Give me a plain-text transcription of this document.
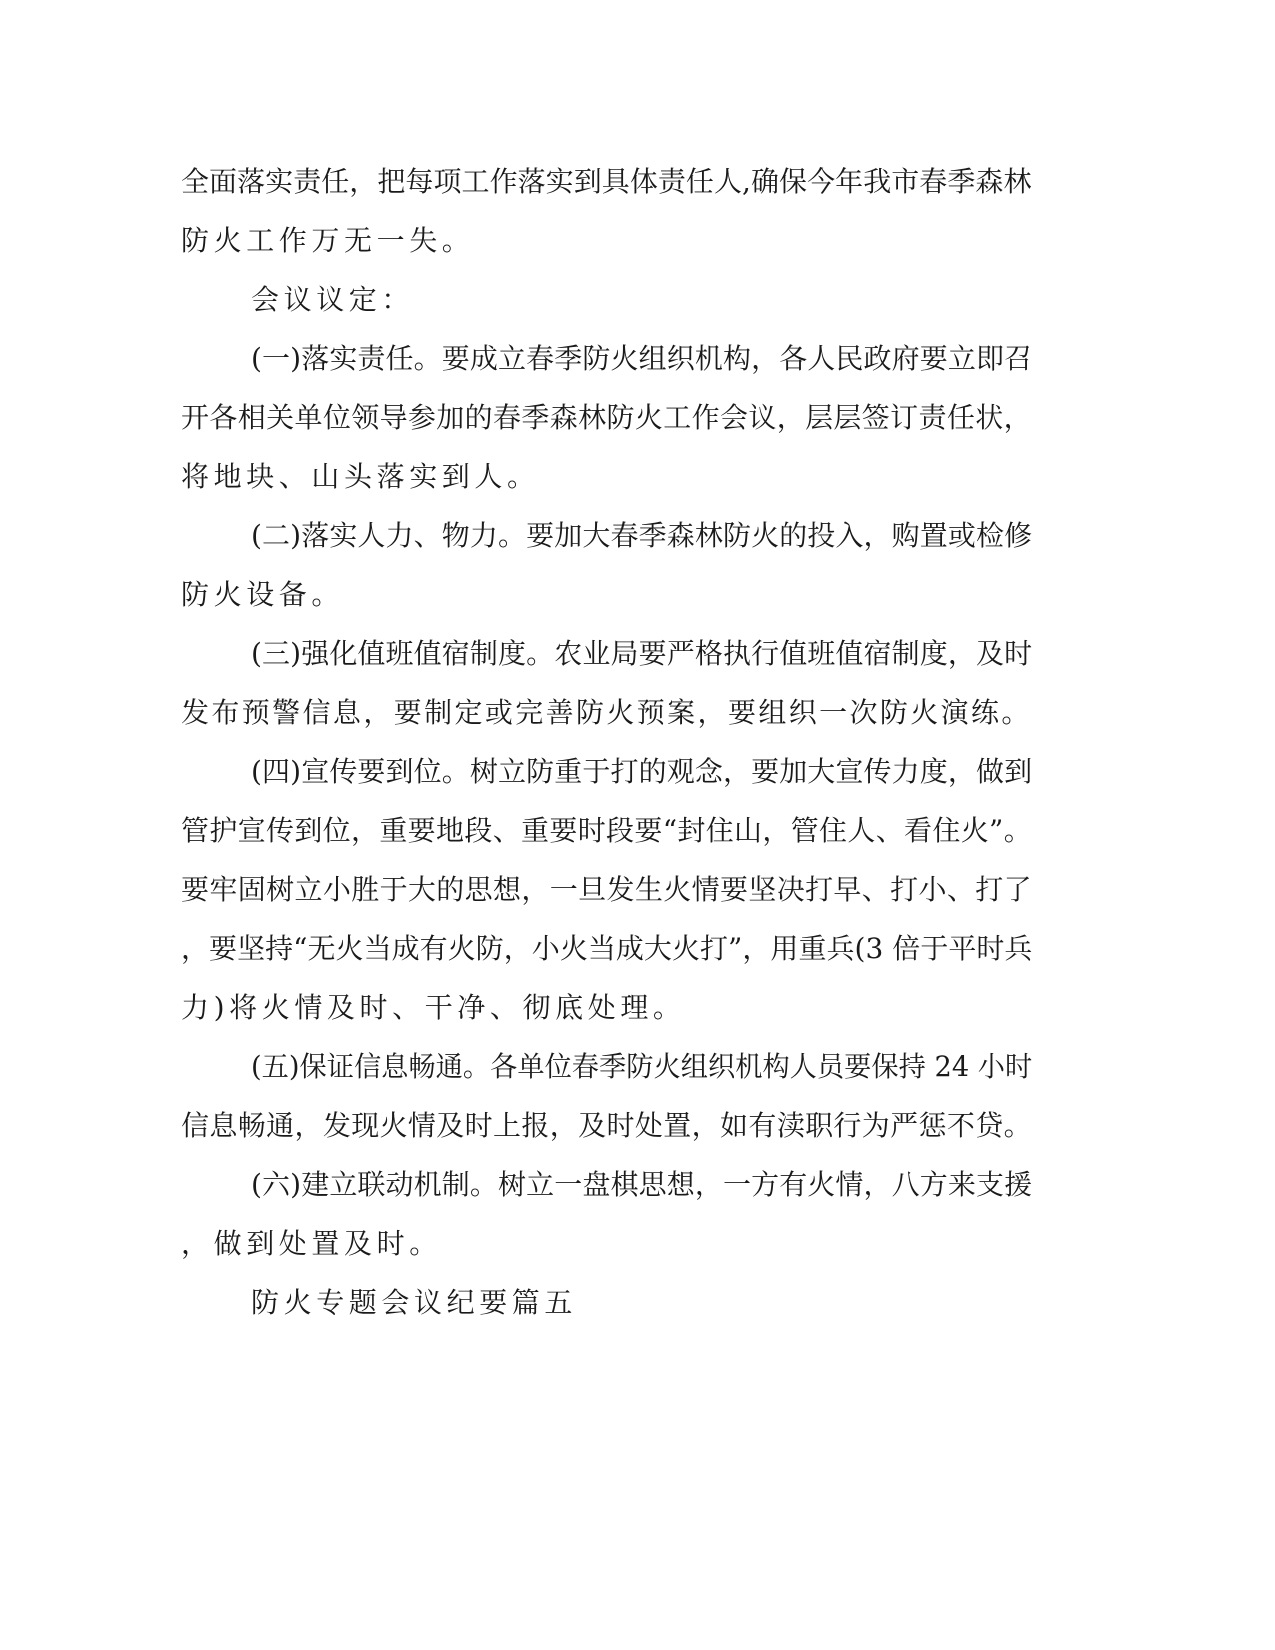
全面落实责任，把每项工作落实到具体责任人,确保今年我市春季森林
防火工作万无一失。
会议议定：
(一)落实责任。要成立春季防火组织机构，各人民政府要立即召
开各相关单位领导参加的春季森林防火工作会议，层层签订责任状，
将地块、山头落实到人。
(二)落实人力、物力。要加大春季森林防火的投入，购置或检修
防火设备。
(三)强化值班值宿制度。农业局要严格执行值班值宿制度，及时
发布预警信息，要制定或完善防火预案，要组织一次防火演练。
(四)宣传要到位。树立防重于打的观念，要加大宣传力度，做到
管护宣传到位，重要地段、重要时段要“封住山，管住人、看住火”。
要牢固树立小胜于大的思想，一旦发生火情要坚决打早、打小、打了
，要坚持“无火当成有火防，小火当成大火打”，用重兵(3 倍于平时兵
力)将火情及时、干净、彻底处理。
(五)保证信息畅通。各单位春季防火组织机构人员要保持 24 小时
信息畅通，发现火情及时上报，及时处置，如有渎职行为严惩不贷。
(六)建立联动机制。树立一盘棋思想，一方有火情，八方来支援
，做到处置及时。
防火专题会议纪要篇五
